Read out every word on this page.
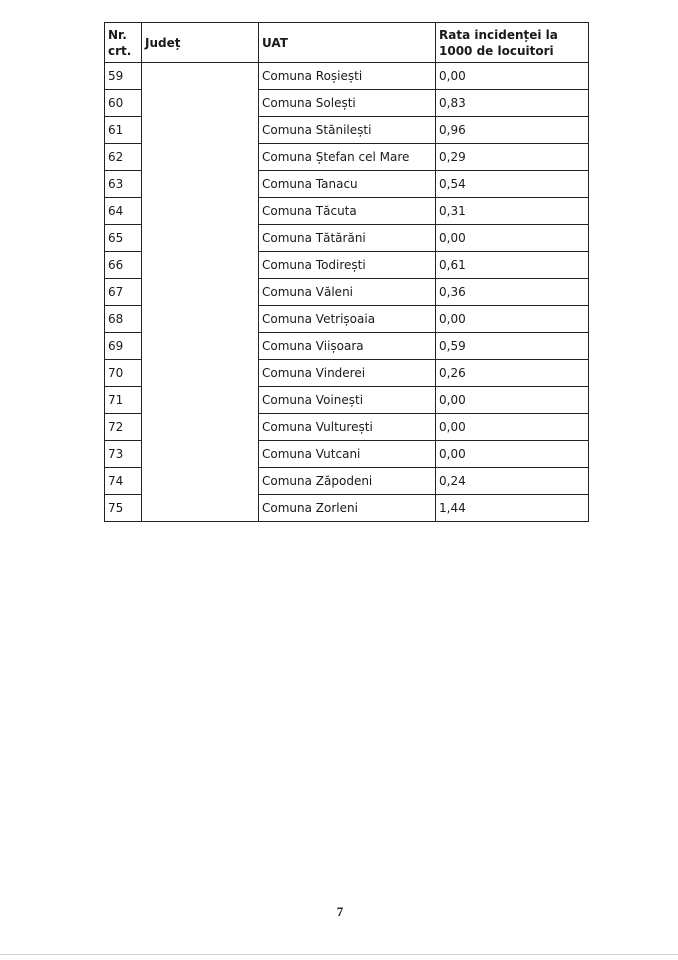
Nr. crt.	Județ	UAT	Rata incidenței la 1000 de locuitori
59		Comuna Roșiești	0,00
60		Comuna Solești	0,83
61		Comuna Stănilești	0,96
62		Comuna Ștefan cel Mare	0,29
63		Comuna Tanacu	0,54
64		Comuna Tăcuta	0,31
65		Comuna Tătărăni	0,00
66		Comuna Todirești	0,61
67		Comuna Văleni	0,36
68		Comuna Vetrișoaia	0,00
69		Comuna Viișoara	0,59
70		Comuna Vinderei	0,26
71		Comuna Voinești	0,00
72		Comuna Vulturești	0,00
73		Comuna Vutcani	0,00
74		Comuna Zăpodeni	0,24
75		Comuna Zorleni	1,44
7
